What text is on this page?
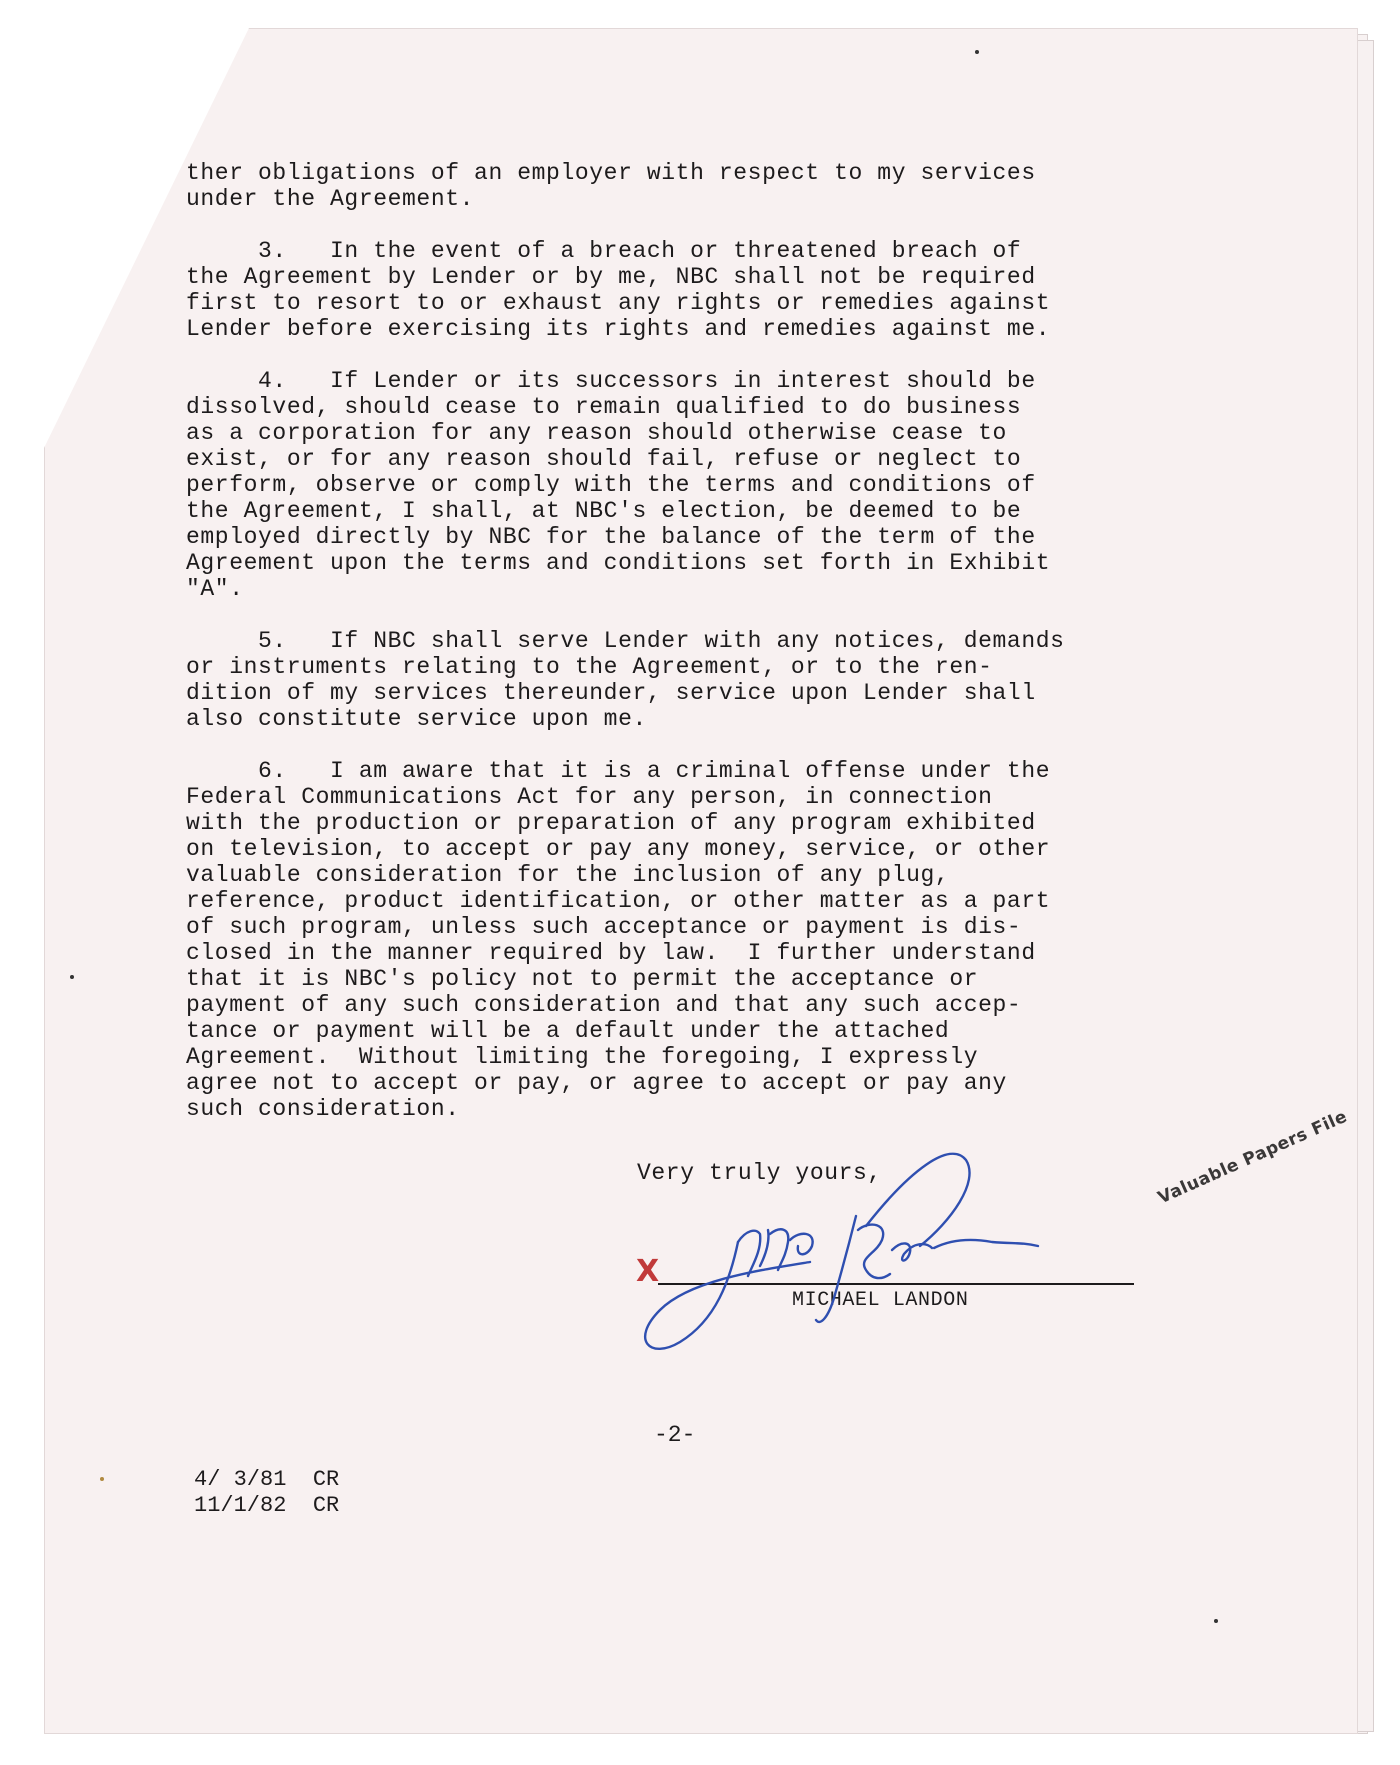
ther obligations of an employer with respect to my services

under the Agreement.

3.   In the event of a breach or threatened breach of

the Agreement by Lender or by me, NBC shall not be required

first to resort to or exhaust any rights or remedies against

Lender before exercising its rights and remedies against me.

4.   If Lender or its successors in interest should be

dissolved, should cease to remain qualified to do business

as a corporation for any reason should otherwise cease to

exist, or for any reason should fail, refuse or neglect to

perform, observe or comply with the terms and conditions of

the Agreement, I shall, at NBC's election, be deemed to be

employed directly by NBC for the balance of the term of the

Agreement upon the terms and conditions set forth in Exhibit

"A".

5.   If NBC shall serve Lender with any notices, demands

or instruments relating to the Agreement, or to the ren-

dition of my services thereunder, service upon Lender shall

also constitute service upon me.

6.   I am aware that it is a criminal offense under the

Federal Communications Act for any person, in connection

with the production or preparation of any program exhibited

on television, to accept or pay any money, service, or other

valuable consideration for the inclusion of any plug,

reference, product identification, or other matter as a part

of such program, unless such acceptance or payment is dis-

closed in the manner required by law.  I further understand

that it is NBC's policy not to permit the acceptance or

payment of any such consideration and that any such accep-

tance or payment will be a default under the attached

Agreement.  Without limiting the foregoing, I expressly

agree not to accept or pay, or agree to accept or pay any

such consideration.

Very truly yours,
X
MICHAEL LANDON
Valuable Papers File
-2-
4/ 3/81  CR
11/1/82  CR
